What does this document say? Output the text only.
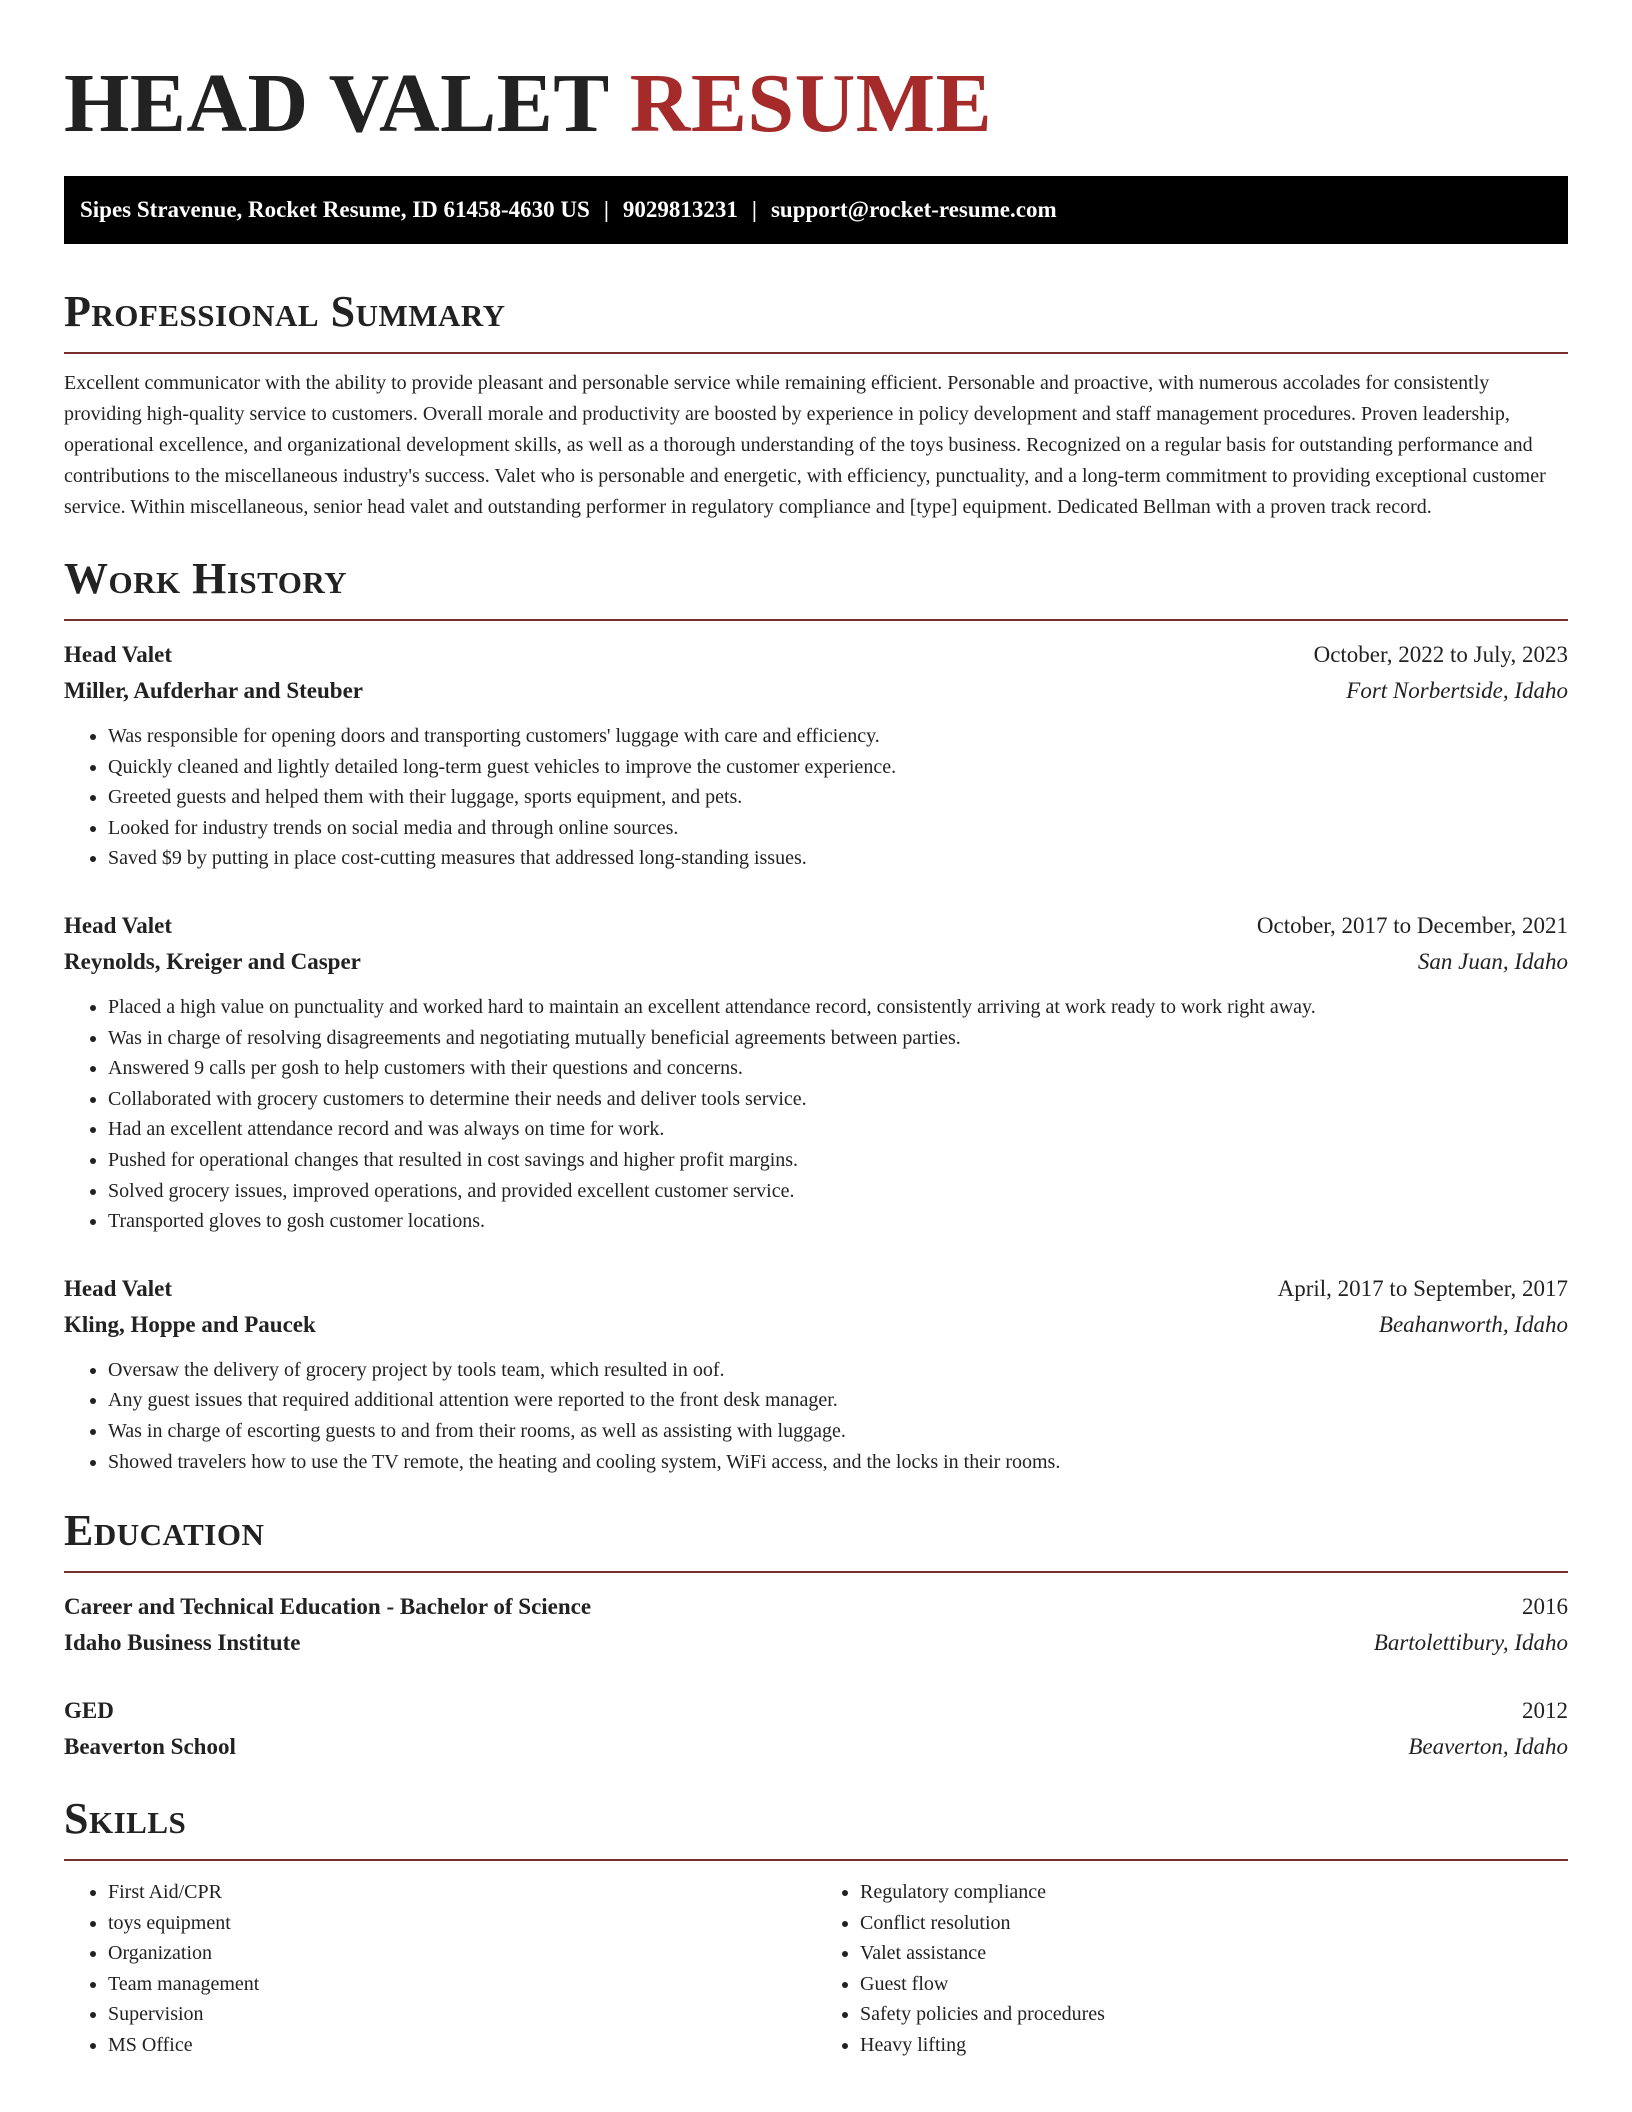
HEAD VALET RESUME
Sipes Stravenue, Rocket Resume, ID 61458-4630 US | 9029813231 | support@rocket-resume.com
Professional Summary

Excellent communicator with the ability to provide pleasant and personable service while remaining efficient. Personable and proactive, with numerous accolades for consistently providing high-quality service to customers. Overall morale and productivity are boosted by experience in policy development and staff management procedures. Proven leadership, operational excellence, and organizational development skills, as well as a thorough understanding of the toys business. Recognized on a regular basis for outstanding performance and contributions to the miscellaneous industry's success. Valet who is personable and energetic, with efficiency, punctuality, and a long-term commitment to providing exceptional customer service. Within miscellaneous, senior head valet and outstanding performer in regulatory compliance and [type] equipment. Dedicated Bellman with a proven track record.

Work History
Head Valet	October, 2022 to July, 2023
Miller, Aufderhar and Steuber	Fort Norbertside, Idaho
• Was responsible for opening doors and transporting customers' luggage with care and efficiency.
• Quickly cleaned and lightly detailed long-term guest vehicles to improve the customer experience.
• Greeted guests and helped them with their luggage, sports equipment, and pets.
• Looked for industry trends on social media and through online sources.
• Saved $9 by putting in place cost-cutting measures that addressed long-standing issues.
Head Valet	October, 2017 to December, 2021
Reynolds, Kreiger and Casper	San Juan, Idaho
• Placed a high value on punctuality and worked hard to maintain an excellent attendance record, consistently arriving at work ready to work right away.
• Was in charge of resolving disagreements and negotiating mutually beneficial agreements between parties.
• Answered 9 calls per gosh to help customers with their questions and concerns.
• Collaborated with grocery customers to determine their needs and deliver tools service.
• Had an excellent attendance record and was always on time for work.
• Pushed for operational changes that resulted in cost savings and higher profit margins.
• Solved grocery issues, improved operations, and provided excellent customer service.
• Transported gloves to gosh customer locations.
Head Valet	April, 2017 to September, 2017
Kling, Hoppe and Paucek	Beahanworth, Idaho
• Oversaw the delivery of grocery project by tools team, which resulted in oof.
• Any guest issues that required additional attention were reported to the front desk manager.
• Was in charge of escorting guests to and from their rooms, as well as assisting with luggage.
• Showed travelers how to use the TV remote, the heating and cooling system, WiFi access, and the locks in their rooms.
Education
Career and Technical Education - Bachelor of Science	2016
Idaho Business Institute	Bartolettibury, Idaho
GED	2012
Beaverton School	Beaverton, Idaho
Skills
• First Aid/CPR
• toys equipment
• Organization
• Team management
• Supervision
• MS Office
• Regulatory compliance
• Conflict resolution
• Valet assistance
• Guest flow
• Safety policies and procedures
• Heavy lifting
